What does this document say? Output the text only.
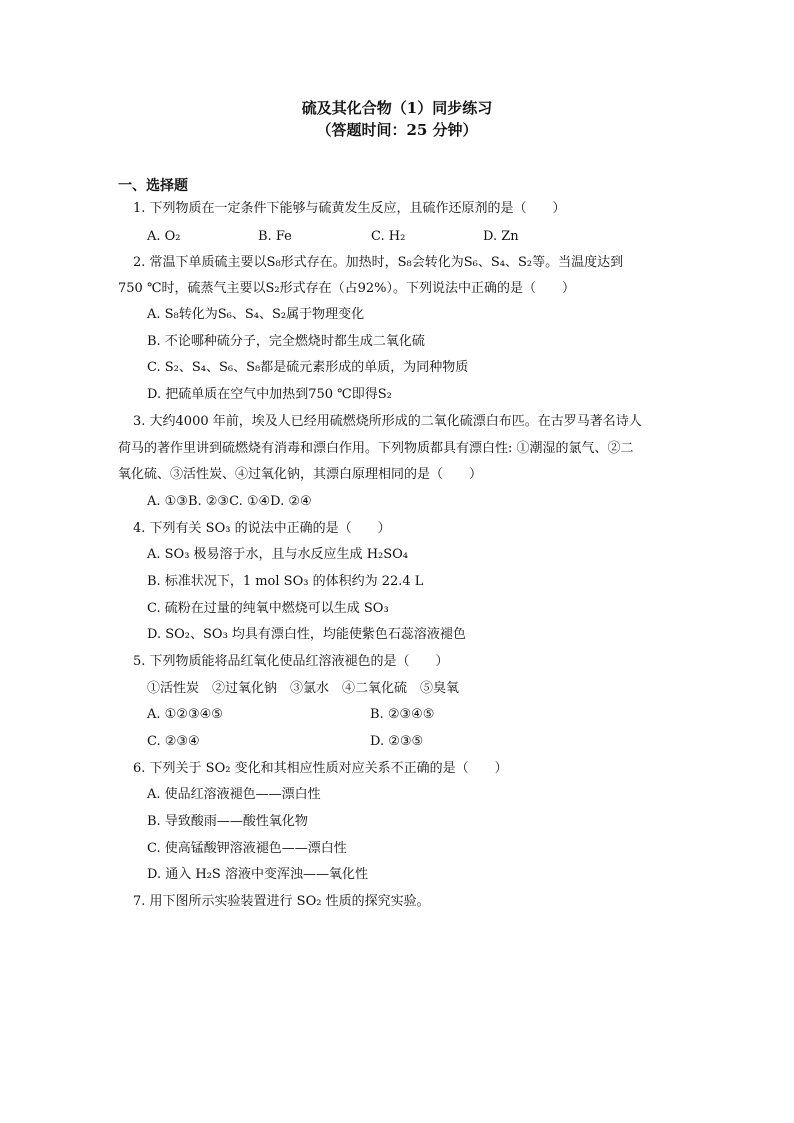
硫及其化合物（1）同步练习
（答题时间：25 分钟）
一、选择题
1. 下列物质在一定条件下能够与硫黄发生反应，且硫作还原剂的是（　　）
A. O₂	B. Fe	C. H₂	D. Zn
2. 常温下单质硫主要以S₈形式存在。加热时，S₈会转化为S₆、S₄、S₂等。当温度达到
750 ℃时，硫蒸气主要以S₂形式存在（占92%）。下列说法中正确的是（　　）
A. S₈转化为S₆、S₄、S₂属于物理变化
B. 不论哪种硫分子，完全燃烧时都生成二氧化硫
C. S₂、S₄、S₆、S₈都是硫元素形成的单质，为同种物质
D. 把硫单质在空气中加热到750 ℃即得S₂
3. 大约4000 年前，埃及人已经用硫燃烧所形成的二氧化硫漂白布匹。在古罗马著名诗人
荷马的著作里讲到硫燃烧有消毒和漂白作用。下列物质都具有漂白性: ①潮湿的氯气、②二
氧化硫、③活性炭、④过氧化钠，其漂白原理相同的是（　　）
A. ①③B. ②③C. ①④D. ②④
4. 下列有关 SO₃ 的说法中正确的是（　　）
A. SO₃ 极易溶于水，且与水反应生成 H₂SO₄
B. 标准状况下，1 mol SO₃ 的体积约为 22.4 L
C. 硫粉在过量的纯氧中燃烧可以生成 SO₃
D. SO₂、SO₃ 均具有漂白性，均能使紫色石蕊溶液褪色
5. 下列物质能将品红氧化使品红溶液褪色的是（　　）
①活性炭　②过氧化钠　③氯水　④二氧化硫　⑤臭氧
A. ①②③④⑤	B. ②③④⑤
C. ②③④	D. ②③⑤
6. 下列关于 SO₂ 变化和其相应性质对应关系不正确的是（　　）
A. 使品红溶液褪色——漂白性
B. 导致酸雨——酸性氧化物
C. 使高锰酸钾溶液褪色——漂白性
D. 通入 H₂S 溶液中变浑浊——氧化性
7. 用下图所示实验装置进行 SO₂ 性质的探究实验。
